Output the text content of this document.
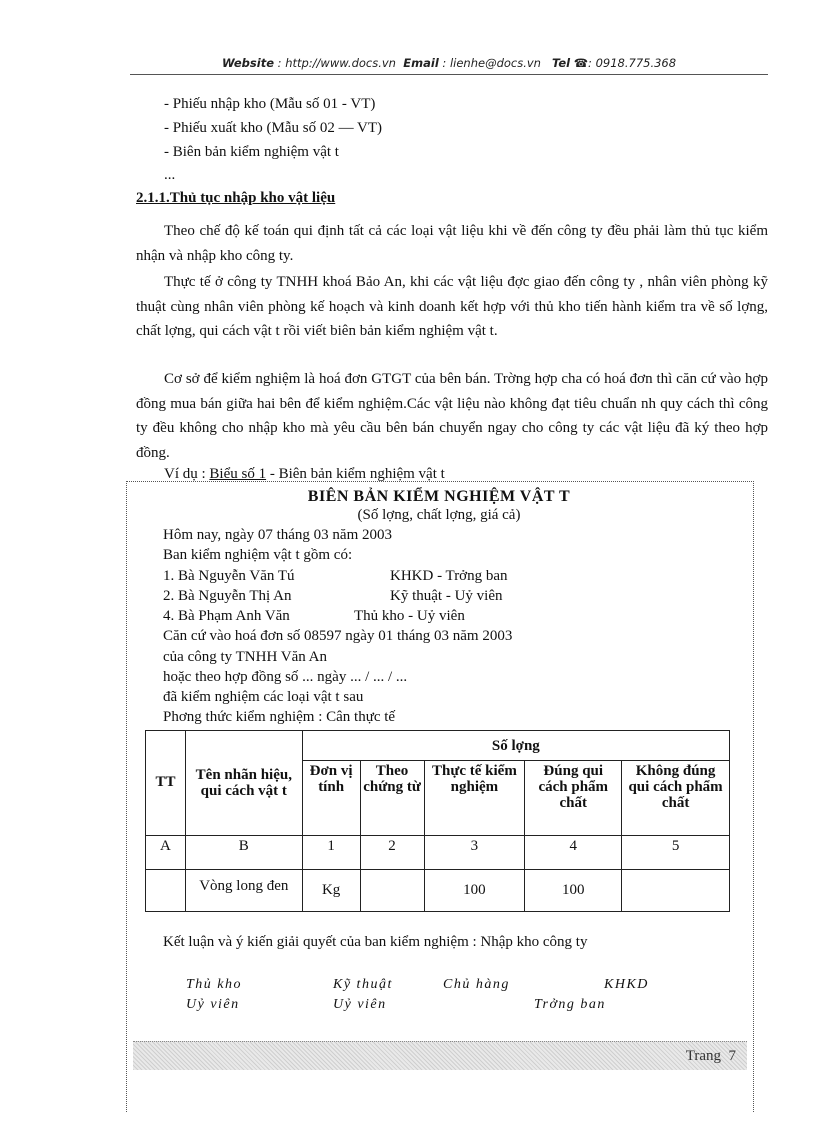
Website : http://www.docs.vn Email : lienhe@docs.vn Tel ☎: 0918.775.368
- Phiếu nhập kho (Mẫu số 01 - VT)
- Phiếu xuất kho (Mẫu số 02 — VT)
- Biên bản kiểm nghiệm vật t
...
2.1.1.Thủ tục nhập kho vật liệu
Theo chế độ kế toán qui định tất cả các loại vật liệu khi về đến công ty đều phải làm thủ tục kiểm nhận và nhập kho công ty.
Thực tế ở công ty TNHH khoá Bảo An, khi các vật liệu đợc giao đến công ty , nhân viên phòng kỹ thuật cùng nhân viên phòng kế hoạch và kinh doanh kết hợp với thủ kho tiến hành kiểm tra về số lợng, chất lợng, qui cách vật t rồi viết biên bản kiểm nghiệm vật t.
Cơ sở để kiểm nghiệm là hoá đơn GTGT của bên bán. Trờng hợp cha có hoá đơn thì căn cứ vào hợp đồng mua bán giữa hai bên để kiểm nghiệm.Các vật liệu nào không đạt tiêu chuẩn nh quy cách thì công ty đều không cho nhập kho mà yêu cầu bên bán chuyển ngay cho công ty các vật liệu đã ký theo hợp đồng.
Ví dụ : Biểu số 1 - Biên bản kiểm nghiệm vật t
BIÊN BẢN KIỂM NGHIỆM VẬT T
(Số lợng, chất lợng, giá cả)
Hôm nay, ngày 07 tháng 03 năm 2003
Ban kiểm nghiệm vật t gồm có:
1. Bà Nguyễn Văn Tú	KHKD - Trởng ban
2. Bà Nguyễn Thị An	Kỹ thuật - Uỷ viên
4. Bà Phạm Anh Văn	Thủ kho - Uỷ viên
Căn cứ vào hoá đơn số 08597 ngày 01 tháng 03 năm 2003
của công ty TNHH Văn An
hoặc theo hợp đồng số ... ngày ... / ... / ...
đã kiểm nghiệm các loại vật t sau
Phơng thức kiểm nghiệm : Cân thực tế
TT	Tên nhãn hiệu, qui cách vật t	Số lợng				
		Đơn vị tính	Theo chứng từ	Thực tế kiểm nghiệm	Đúng qui cách phẩm chất	Không đúng qui cách phẩm chất
A	B	1	2	3	4	5
	Vòng long đen	Kg		100	100	
Kết luận và ý kiến giải quyết của ban kiểm nghiệm : Nhập kho công ty
Thủ kho	Kỹ thuật	Chủ hàng	KHKD
Uỷ viên	Uỷ viên	Trởng ban
Trang 7
